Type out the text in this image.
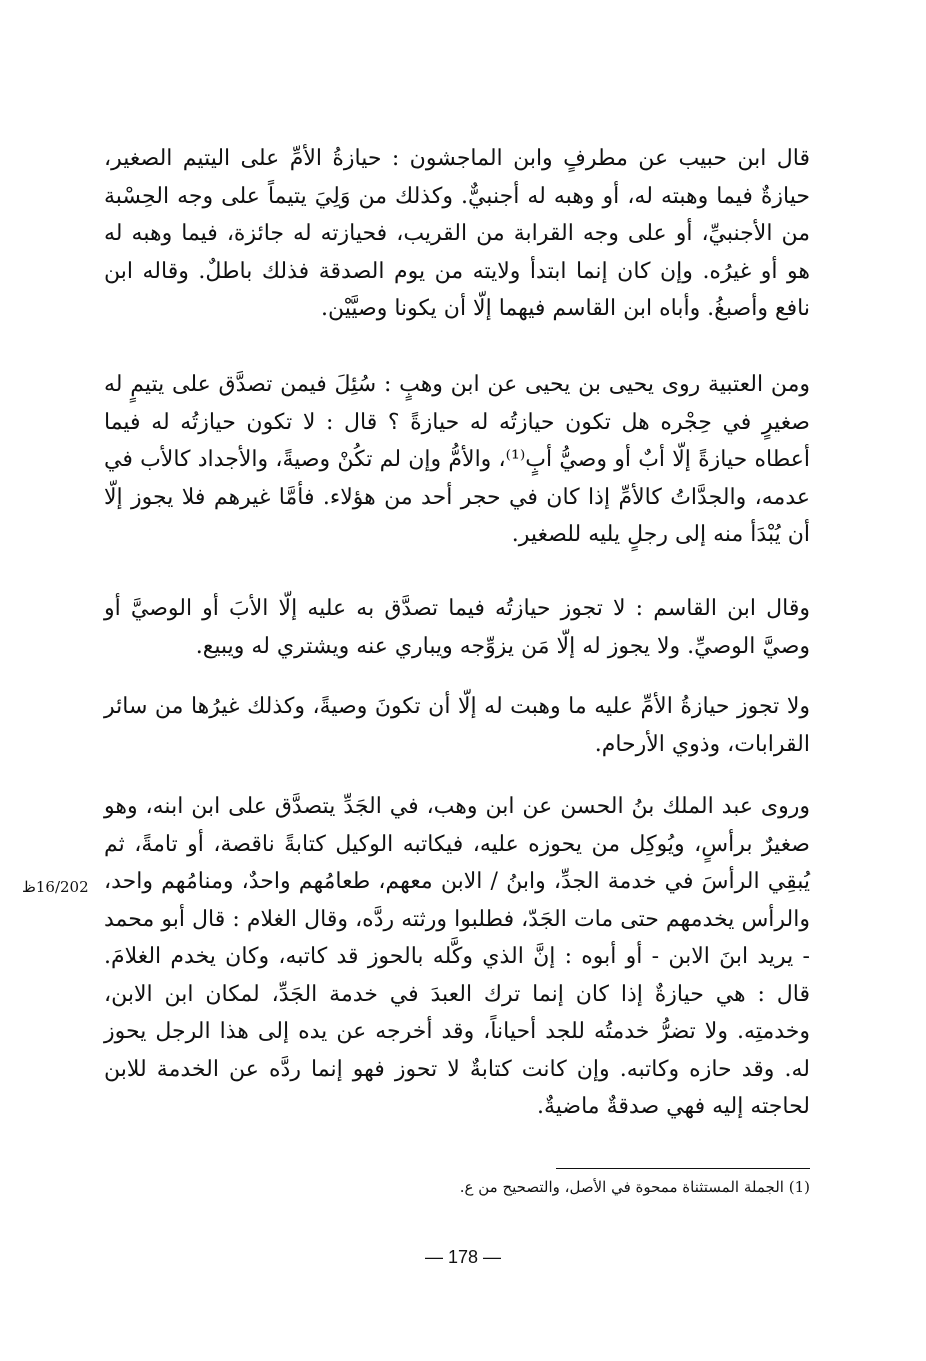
قال ابن حبيب عن مطرفٍ وابن الماجشون : حيازةُ الأمِّ على اليتيم الصغير، حيازةٌ فيما وهبته له، أو وهبه له أجنبيٌّ. وكذلك من وَلِيَ يتيماً على وجه الحِسْبة من الأجنبيِّ، أو على وجه القرابة من القريب، فحيازته له جائزة، فيما وهبه له هو أو غيرُه. وإن كان إنما ابتدأ ولايته من يوم الصدقة فذلك باطلٌ. وقاله ابن نافع وأصبغُ. وأباه ابن القاسم فيهما إلّا أن يكونا وصيَّيْن.

ومن العتبية روى يحيى بن يحيى عن ابن وهبٍ : سُئِلَ فيمن تصدَّق على يتيمٍ له صغيرٍ في حِجْره هل تكون حيازتُه له حيازةً ؟ قال : لا تكون حيازتُه له فيما أعطاه حيازةً إلّا أبٌ أو وصيُّ أبٍ⁽¹⁾، والأمُّ وإن لم تكُنْ وصيةً، والأجداد كالأب في عدمه، والجدَّاتُ كالأمِّ إذا كان في حجر أحد من هؤلاء. فأمَّا غيرهم فلا يجوز إلّا أن يُبْدَأ منه إلى رجلٍ يليه للصغير.

وقال ابن القاسم : لا تجوز حيازتُه فيما تصدَّق به عليه إلّا الأبَ أو الوصيَّ أو وصيَّ الوصيِّ. ولا يجوز له إلّا مَن يزوِّجه ويباري عنه ويشتري له ويبيع.

ولا تجوز حيازةُ الأمِّ عليه ما وهبت له إلّا أن تكونَ وصيةً، وكذلك غيرُها من سائر القرابات، وذوي الأرحام.

وروى عبد الملك بنُ الحسن عن ابن وهب، في الجَدِّ يتصدَّق على ابن ابنه، وهو صغيرٌ برأسٍ، ويُوكِل من يحوزه عليه، فيكاتبه الوكيل كتابةً ناقصة، أو تامةً، ثم يُبقِي الرأسَ في خدمة الجدِّ، وابنُ / الابن معهم، طعامُهم واحدٌ، ومنامُهم واحد، والرأس يخدمهم حتى مات الجَدّ، فطلبوا ورثته ردَّه، وقال الغلام : قال أبو محمد - يريد ابنَ الابن - أو أبوه : إنَّ الذي وكَّله بالحوز قد كاتبه، وكان يخدم الغلامَ. قال : هي حيازةٌ إذا كان إنما ترك العبدَ في خدمة الجَدِّ، لمكان ابن الابن، وخدمتِه. ولا تضرُّ خدمتُه للجد أحياناً، وقد أخرجه عن يده إلى هذا الرجل يحوز له. وقد حازه وكاتبه. وإن كانت كتابةٌ لا تحوز فهو إنما ردَّه عن الخدمة للابن لحاجته إليه فهي صدقةٌ ماضيةٌ.

16/202ظ
(1) الجملة المستثناة ممحوة في الأصل، والتصحيح من ع.
— 178 —
